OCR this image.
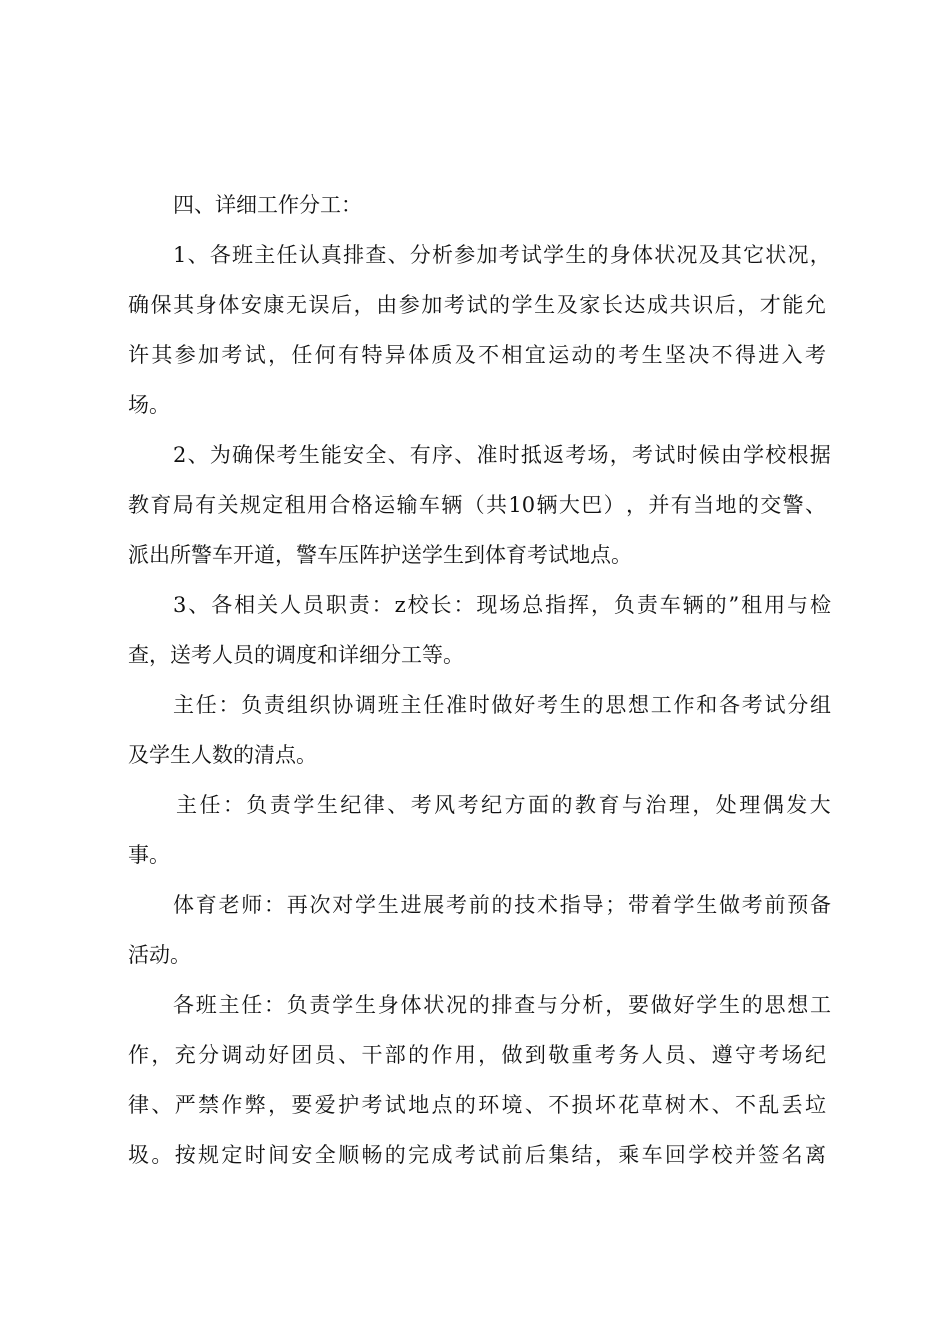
四、详细工作分工：
1 、 各 班 主 任 认 真 排 查 、 分 析 参 加 考 试 学 生 的 身 体 状 况 及 其 它 状 况 ，
确 保 其 身 体 安 康 无 误 后 ， 由 参 加 考 试 的 学 生 及 家 长 达 成 共 识 后 ， 才 能 允
许 其 参 加 考 试 ， 任 何 有 特 异 体 质 及 不 相 宜 运 动 的 考 生 坚 决 不 得 进 入 考
场。
2 、 为 确 保 考 生 能 安 全 、 有 序 、 准 时 抵 返 考 场 ， 考 试 时 候 由 学 校 根 据
教 育 局 有 关 规 定 租 用 合 格 运 输 车 辆 （ 共 10 辆 大 巴 ） ， 并 有 当 地 的 交 警 、
派出所警车开道，警车压阵护送学生到体育考试地点。
3 、 各 相 关 人 员 职 责 ： z 校 长 ： 现 场 总 指 挥 ， 负 责 车 辆 的 ” 租 用 与 检
查，送考人员的调度和详细分工等。
主 任 ： 负 责 组 织 协 调 班 主 任 准 时 做 好 考 生 的 思 想 工 作 和 各 考 试 分 组
及学生人数的清点。
主 任 ： 负 责 学 生 纪 律 、 考 风 考 纪 方 面 的 教 育 与 治 理 ， 处 理 偶 发 大
事。
体 育 老 师 ： 再 次 对 学 生 进 展 考 前 的 技 术 指 导 ； 带 着 学 生 做 考 前 预 备
活动。
各 班 主 任 ： 负 责 学 生 身 体 状 况 的 排 查 与 分 析 ， 要 做 好 学 生 的 思 想 工
作 ， 充 分 调 动 好 团 员 、 干 部 的 作 用 ， 做 到 敬 重 考 务 人 员 、 遵 守 考 场 纪
律 、 严 禁 作 弊 ， 要 爱 护 考 试 地 点 的 环 境 、 不 损 坏 花 草 树 木 、 不 乱 丢 垃
圾 。 按 规 定 时 间 安 全 顺 畅 的 完 成 考 试 前 后 集 结 ， 乘 车 回 学 校 并 签 名 离
